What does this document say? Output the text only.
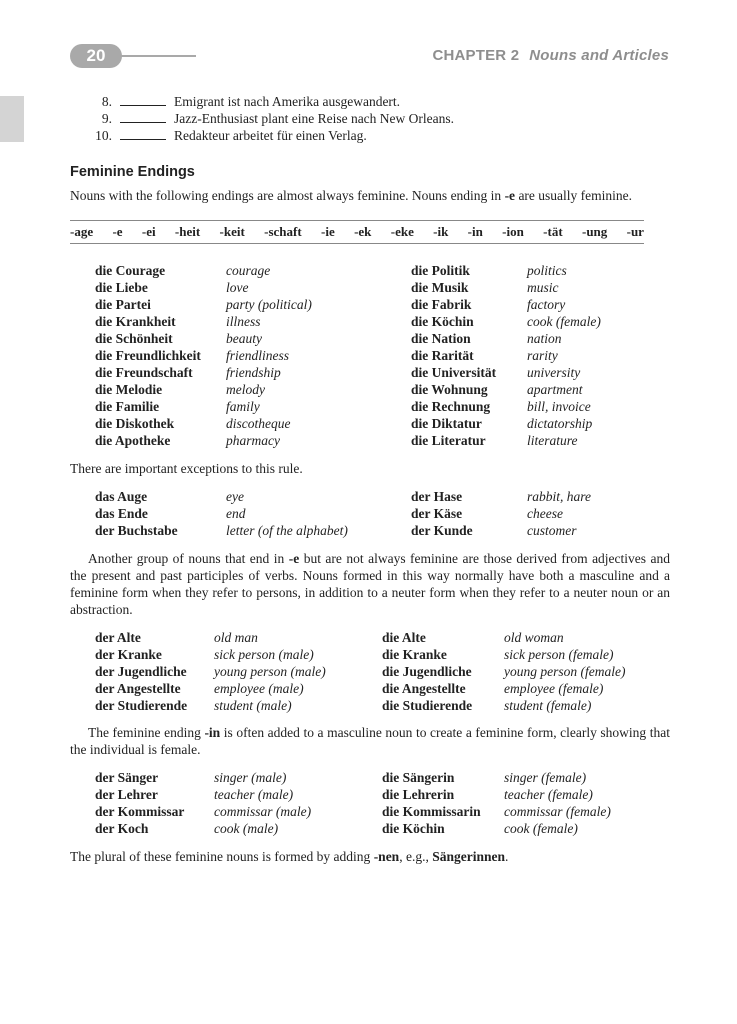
20	CHAPTER 2 Nouns and Articles
8.	Emigrant ist nach Amerika ausgewandert.
9.	Jazz-Enthusiast plant eine Reise nach New Orleans.
10.	Redakteur arbeitet für einen Verlag.
Feminine Endings
Nouns with the following endings are almost always feminine. Nouns ending in -e are usually feminine.
-age -e -ei -heit -keit -schaft -ie -ek -eke -ik -in -ion -tät -ung -ur
die Courage	courage	die Politik	politics
die Liebe	love	die Musik	music
die Partei	party (political)	die Fabrik	factory
die Krankheit	illness	die Köchin	cook (female)
die Schönheit	beauty	die Nation	nation
die Freundlichkeit	friendliness	die Rarität	rarity
die Freundschaft	friendship	die Universität	university
die Melodie	melody	die Wohnung	apartment
die Familie	family	die Rechnung	bill, invoice
die Diskothek	discotheque	die Diktatur	dictatorship
die Apotheke	pharmacy	die Literatur	literature
There are important exceptions to this rule.
das Auge	eye	der Hase	rabbit, hare
das Ende	end	der Käse	cheese
der Buchstabe	letter (of the alphabet)	der Kunde	customer
Another group of nouns that end in -e but are not always feminine are those derived from adjectives and the present and past participles of verbs. Nouns formed in this way normally have both a masculine and a feminine form when they refer to persons, in addition to a neuter form when they refer to a neuter noun or an abstraction.
der Alte	old man	die Alte	old woman
der Kranke	sick person (male)	die Kranke	sick person (female)
der Jugendliche	young person (male)	die Jugendliche	young person (female)
der Angestellte	employee (male)	die Angestellte	employee (female)
der Studierende	student (male)	die Studierende	student (female)
The feminine ending -in is often added to a masculine noun to create a feminine form, clearly showing that the individual is female.
der Sänger	singer (male)	die Sängerin	singer (female)
der Lehrer	teacher (male)	die Lehrerin	teacher (female)
der Kommissar	commissar (male)	die Kommissarin	commissar (female)
der Koch	cook (male)	die Köchin	cook (female)
The plural of these feminine nouns is formed by adding -nen, e.g., Sängerinnen.
